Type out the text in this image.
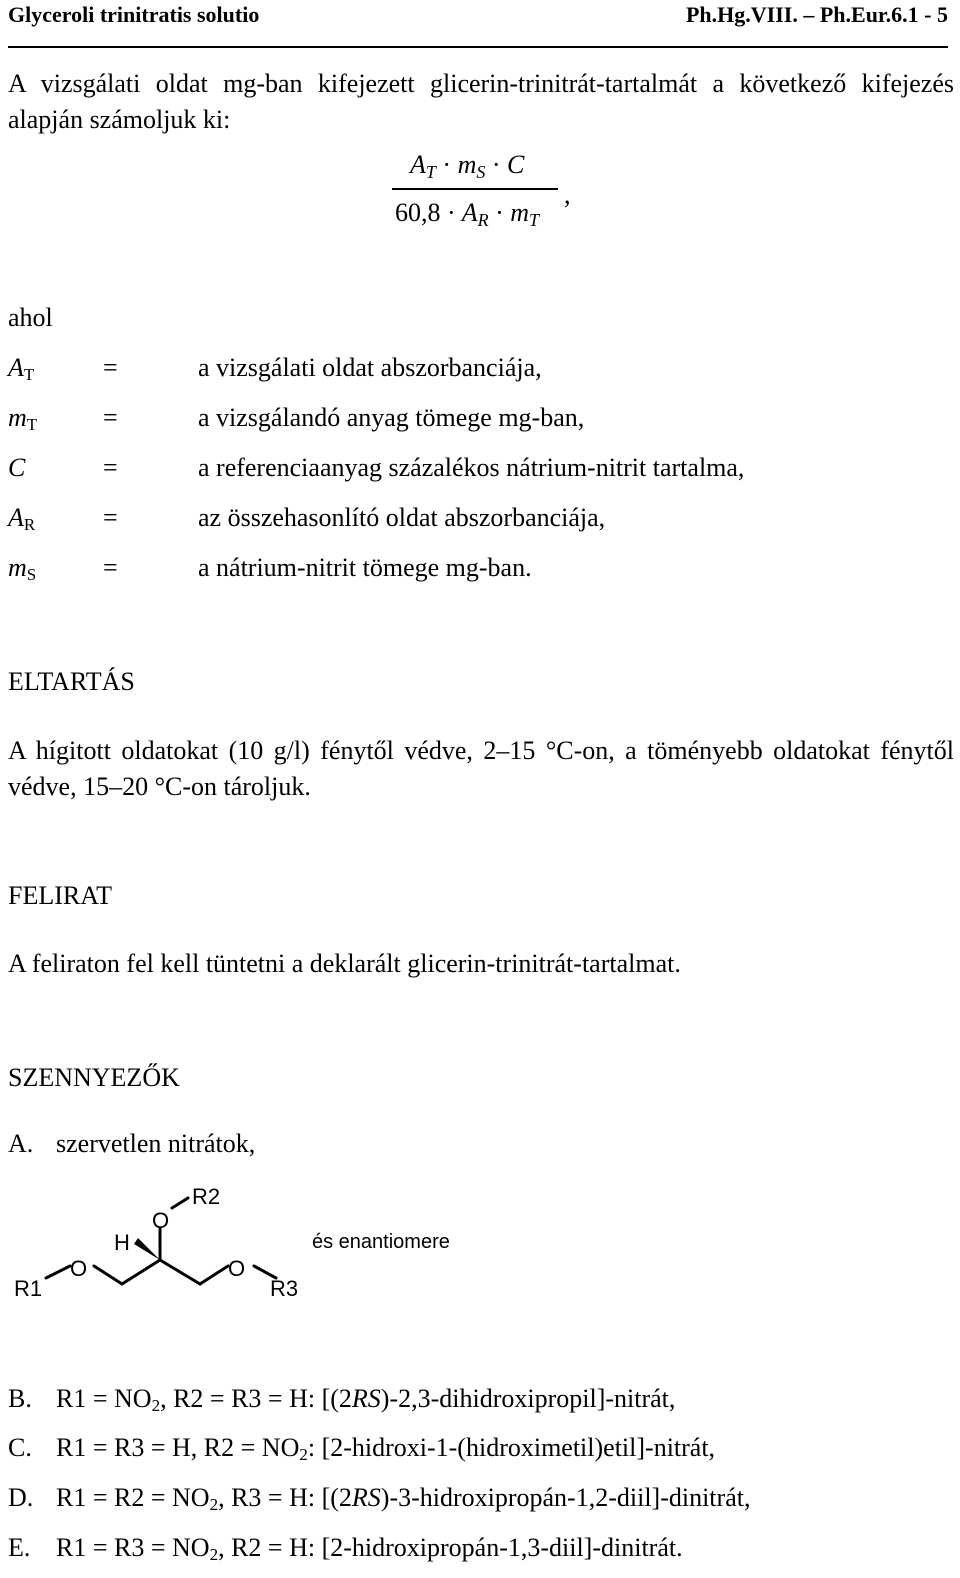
Glyceroli trinitratis solutio	Ph.Hg.VIII. – Ph.Eur.6.1 - 5
A vizsgálati oldat mg-ban kifejezett glicerin-trinitrát-tartalmát a következő kifejezés alapján számoljuk ki:
$A_T \cdot m_S \cdot C$
,
$60,8 \cdot A_R \cdot m_T$
ahol
$A_T$	=	a vizsgálati oldat abszorbanciája,
$m_T$	=	a vizsgálandó anyag tömege mg-ban,
C	=	a referenciaanyag százalékos nátrium-nitrit tartalma,
$A_R$	=	az összehasonlító oldat abszorbanciája,
$m_S$	=	a nátrium-nitrit tömege mg-ban.
ELTARTÁS
A hígitott oldatokat (10 g/l) fénytől védve, 2–15 °C-on, a töményebb oldatokat fénytől védve, 15–20 °C-on tároljuk.
FELIRAT
A feliraton fel kell tüntetni a deklarált glicerin-trinitrát-tartalmat.
SZENNYEZŐK
A. szervetlen nitrátok,
R1
O	O
O
H
R2
R3
és enantiomere
B. $R1 = NO_2$, R2 = R3 = H: [(2RS)-2,3-dihidroxipropil]-nitrát,
C. R1 = R3 = H, $R2 = NO_2$: [2-hidroxi-1-(hidroximetil)etil]-nitrát,
D. $R1 = R2 = NO_2$, R3 = H: [(2RS)-3-hidroxipropán-1,2-diil]-dinitrát,
E. $R1 = R3 = NO_2$, R2 = H: [2-hidroxipropán-1,3-diil]-dinitrát.
